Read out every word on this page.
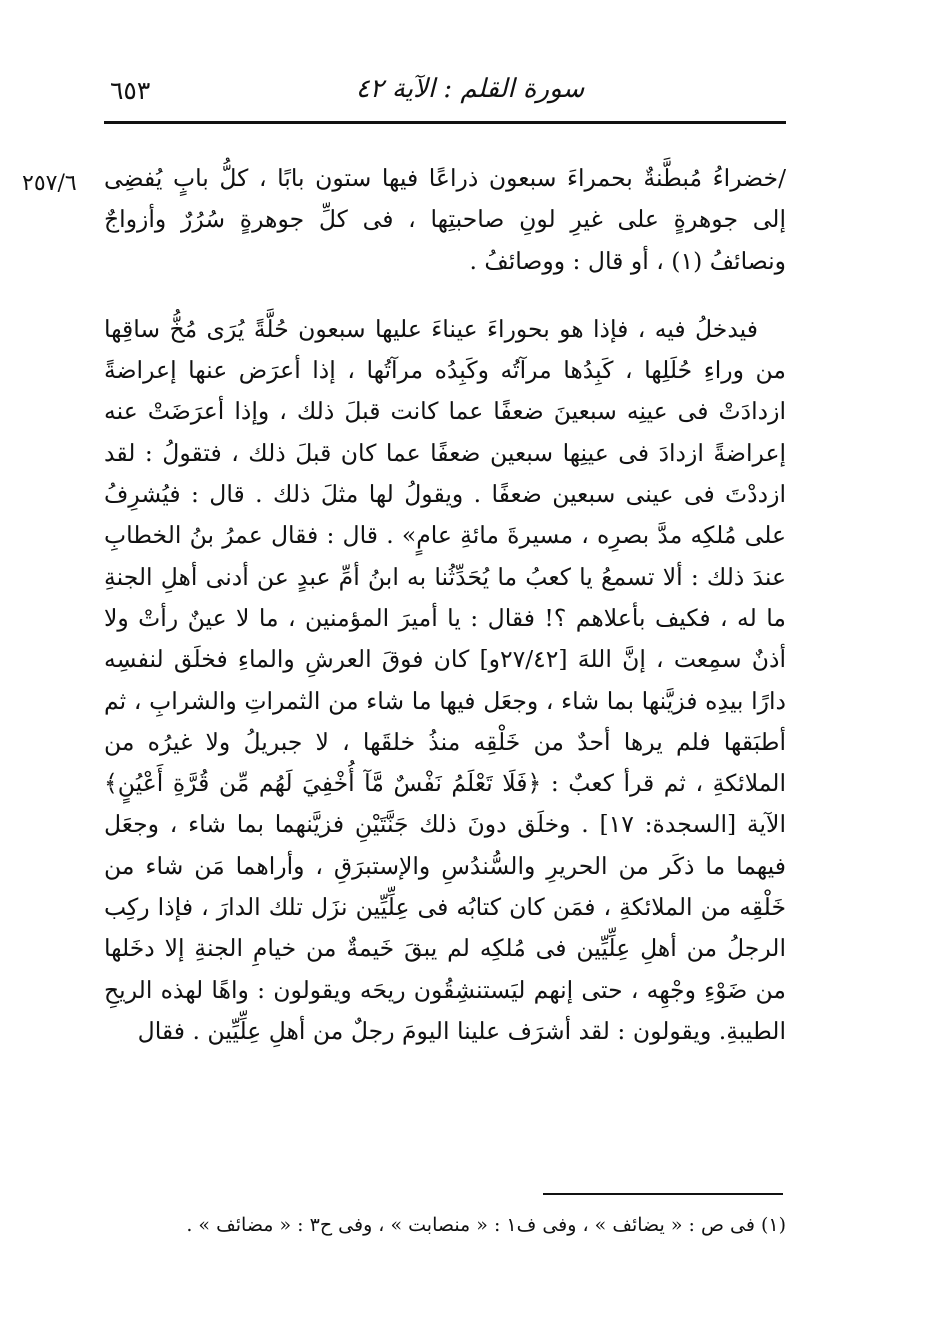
٦٥٣	سورة القلم : الآية ٤٢
٢٥٧/٦ /خضراءُ مُبطَّنةٌ بحمراءَ سبعون ذراعًا فيها ستون بابًا ، كلُّ بابٍ يُفضِى إلى جوهرةٍ على غيرِ لونِ صاحبتِها ، فى كلِّ جوهرةٍ سُرُرٌ وأزواجٌ ونصائفُ (١) ، أو قال : ووصائفُ .

فيدخلُ فيه ، فإذا هو بحوراءَ عيناءَ عليها سبعون حُلَّةً يُرَى مُخُّ ساقِها من وراءِ حُلَلِها ، كَبِدُها مرآتُه وكَبِدُه مرآتُها ، إذا أعرَض عنها إعراضةً ازدادَتْ فى عينِه سبعينَ ضعفًا عما كانت قبلَ ذلك ، وإذا أعرَضَتْ عنه إعراضةً ازدادَ فى عينِها سبعين ضعفًا عما كان قبلَ ذلك ، فتقولُ : لقد ازددْتَ فى عينى سبعين ضعفًا . ويقولُ لها مثلَ ذلك . قال : فيُشرِفُ على مُلكِه مدَّ بصرِه ، مسيرةَ مائةِ عامٍ» . قال : فقال عمرُ بنُ الخطابِ عندَ ذلك : ألا تسمعُ يا كعبُ ما يُحَدِّثُنا به ابنُ أمِّ عبدٍ عن أدنى أهلِ الجنةِ ما له ، فكيف بأعلاهم ؟! فقال : يا أميرَ المؤمنين ، ما لا عينٌ رأتْ ولا أذنٌ سمِعت ، إنَّ اللهَ [٢٧/٤٢و] كان فوقَ العرشِ والماءِ فخلَق لنفسِه دارًا بيدِه فزيَّنها بما شاء ، وجعَل فيها ما شاء من الثمراتِ والشرابِ ، ثم أطبَقها فلم يرها أحدٌ من خَلْقِه منذُ خلقَها ، لا جبريلُ ولا غيرُه من الملائكةِ ، ثم قرأ كعبٌ : ﴿فَلَا تَعْلَمُ نَفْسٌ مَّآ أُخْفِيَ لَهُم مِّن قُرَّةِ أَعْيُنٍ﴾ الآية [السجدة: ١٧] . وخلَق دونَ ذلك جَنَّتَيْنِ فزيَّنهما بما شاء ، وجعَل فيهما ما ذكَر من الحريرِ والسُّندُسِ والإستبرَقِ ، وأراهما مَن شاء من خَلْقِه من الملائكةِ ، فمَن كان كتابُه فى عِلِّيِّين نزَل تلك الدارَ ، فإذا ركِب الرجلُ من أهلِ عِلِّيِّين فى مُلكِه لم يبقَ خَيمةٌ من خيامِ الجنةِ إلا دخَلها من ضَوْءِ وجْهِه ، حتى إنهم ليَستنشِقُون ريحَه ويقولون : واهًا لهذه الريحِ الطيبةِ. ويقولون : لقد أشرَف علينا اليومَ رجلٌ من أهلِ عِلِّيِّين . فقال

(١) فى ص : « يضائف » ، وفى ف١ : « منصابت » ، وفى ح٣ : « مضائف » .
